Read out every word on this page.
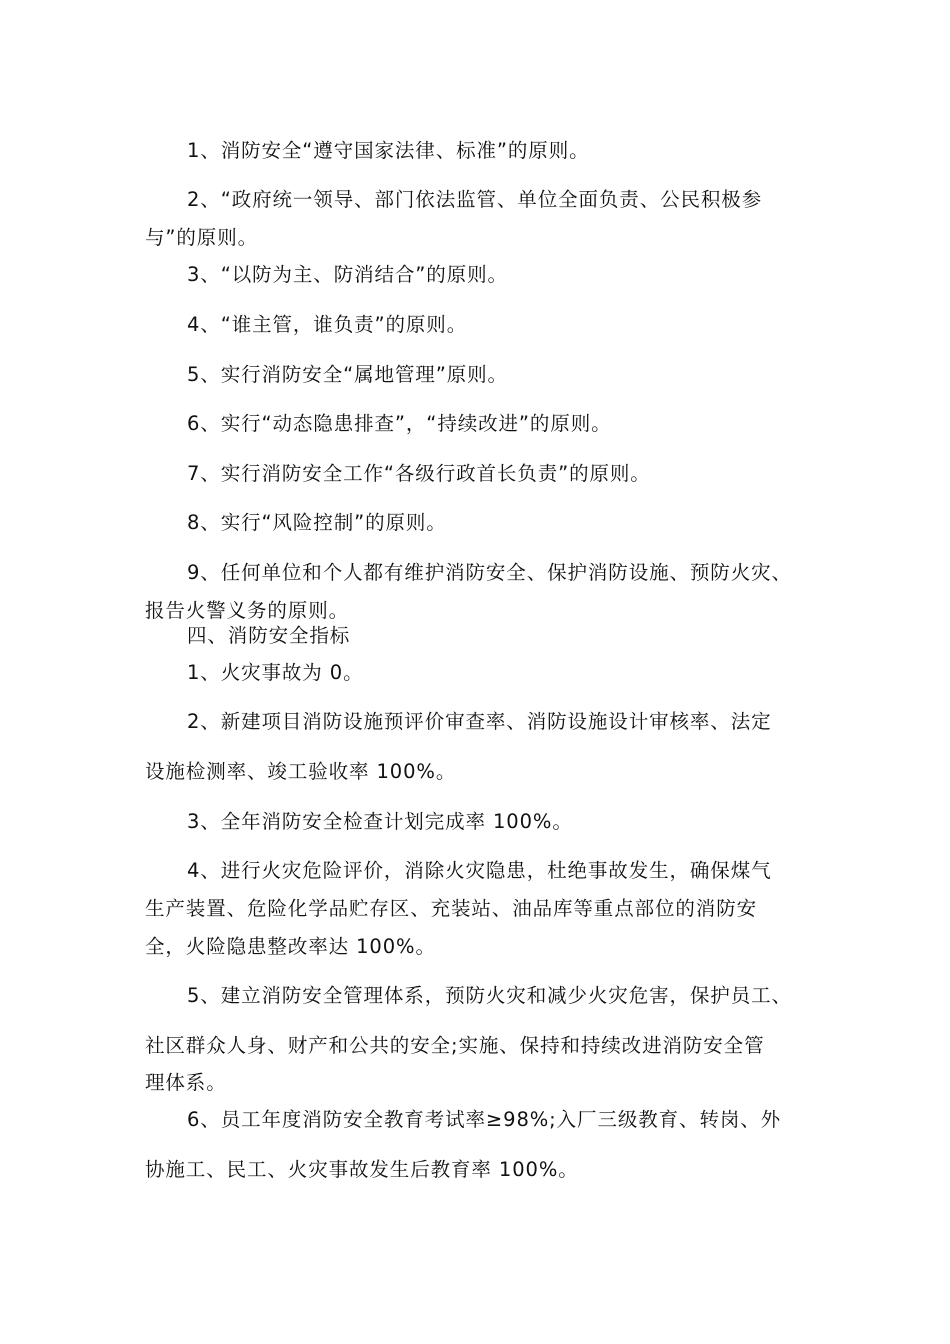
1、消防安全“遵守国家法律、标准”的原则。
2、“政府统一领导、部门依法监管、单位全面负责、公民积极参
与”的原则。
3、“以防为主、防消结合”的原则。
4、“谁主管，谁负责”的原则。
5、实行消防安全“属地管理”原则。
6、实行“动态隐患排查”，“持续改进”的原则。
7、实行消防安全工作“各级行政首长负责”的原则。
8、实行“风险控制”的原则。
9、任何单位和个人都有维护消防安全、保护消防设施、预防火灾、
报告火警义务的原则。
四、消防安全指标
1、火灾事故为 0。
2、新建项目消防设施预评价审查率、消防设施设计审核率、法定
设施检测率、竣工验收率 100%。
3、全年消防安全检查计划完成率 100%。
4、进行火灾危险评价，消除火灾隐患，杜绝事故发生，确保煤气
生产装置、危险化学品贮存区、充装站、油品库等重点部位的消防安
全，火险隐患整改率达 100%。
5、建立消防安全管理体系，预防火灾和减少火灾危害，保护员工、
社区群众人身、财产和公共的安全;实施、保持和持续改进消防安全管
理体系。
6、员工年度消防安全教育考试率≥98%;入厂三级教育、转岗、外
协施工、民工、火灾事故发生后教育率 100%。
